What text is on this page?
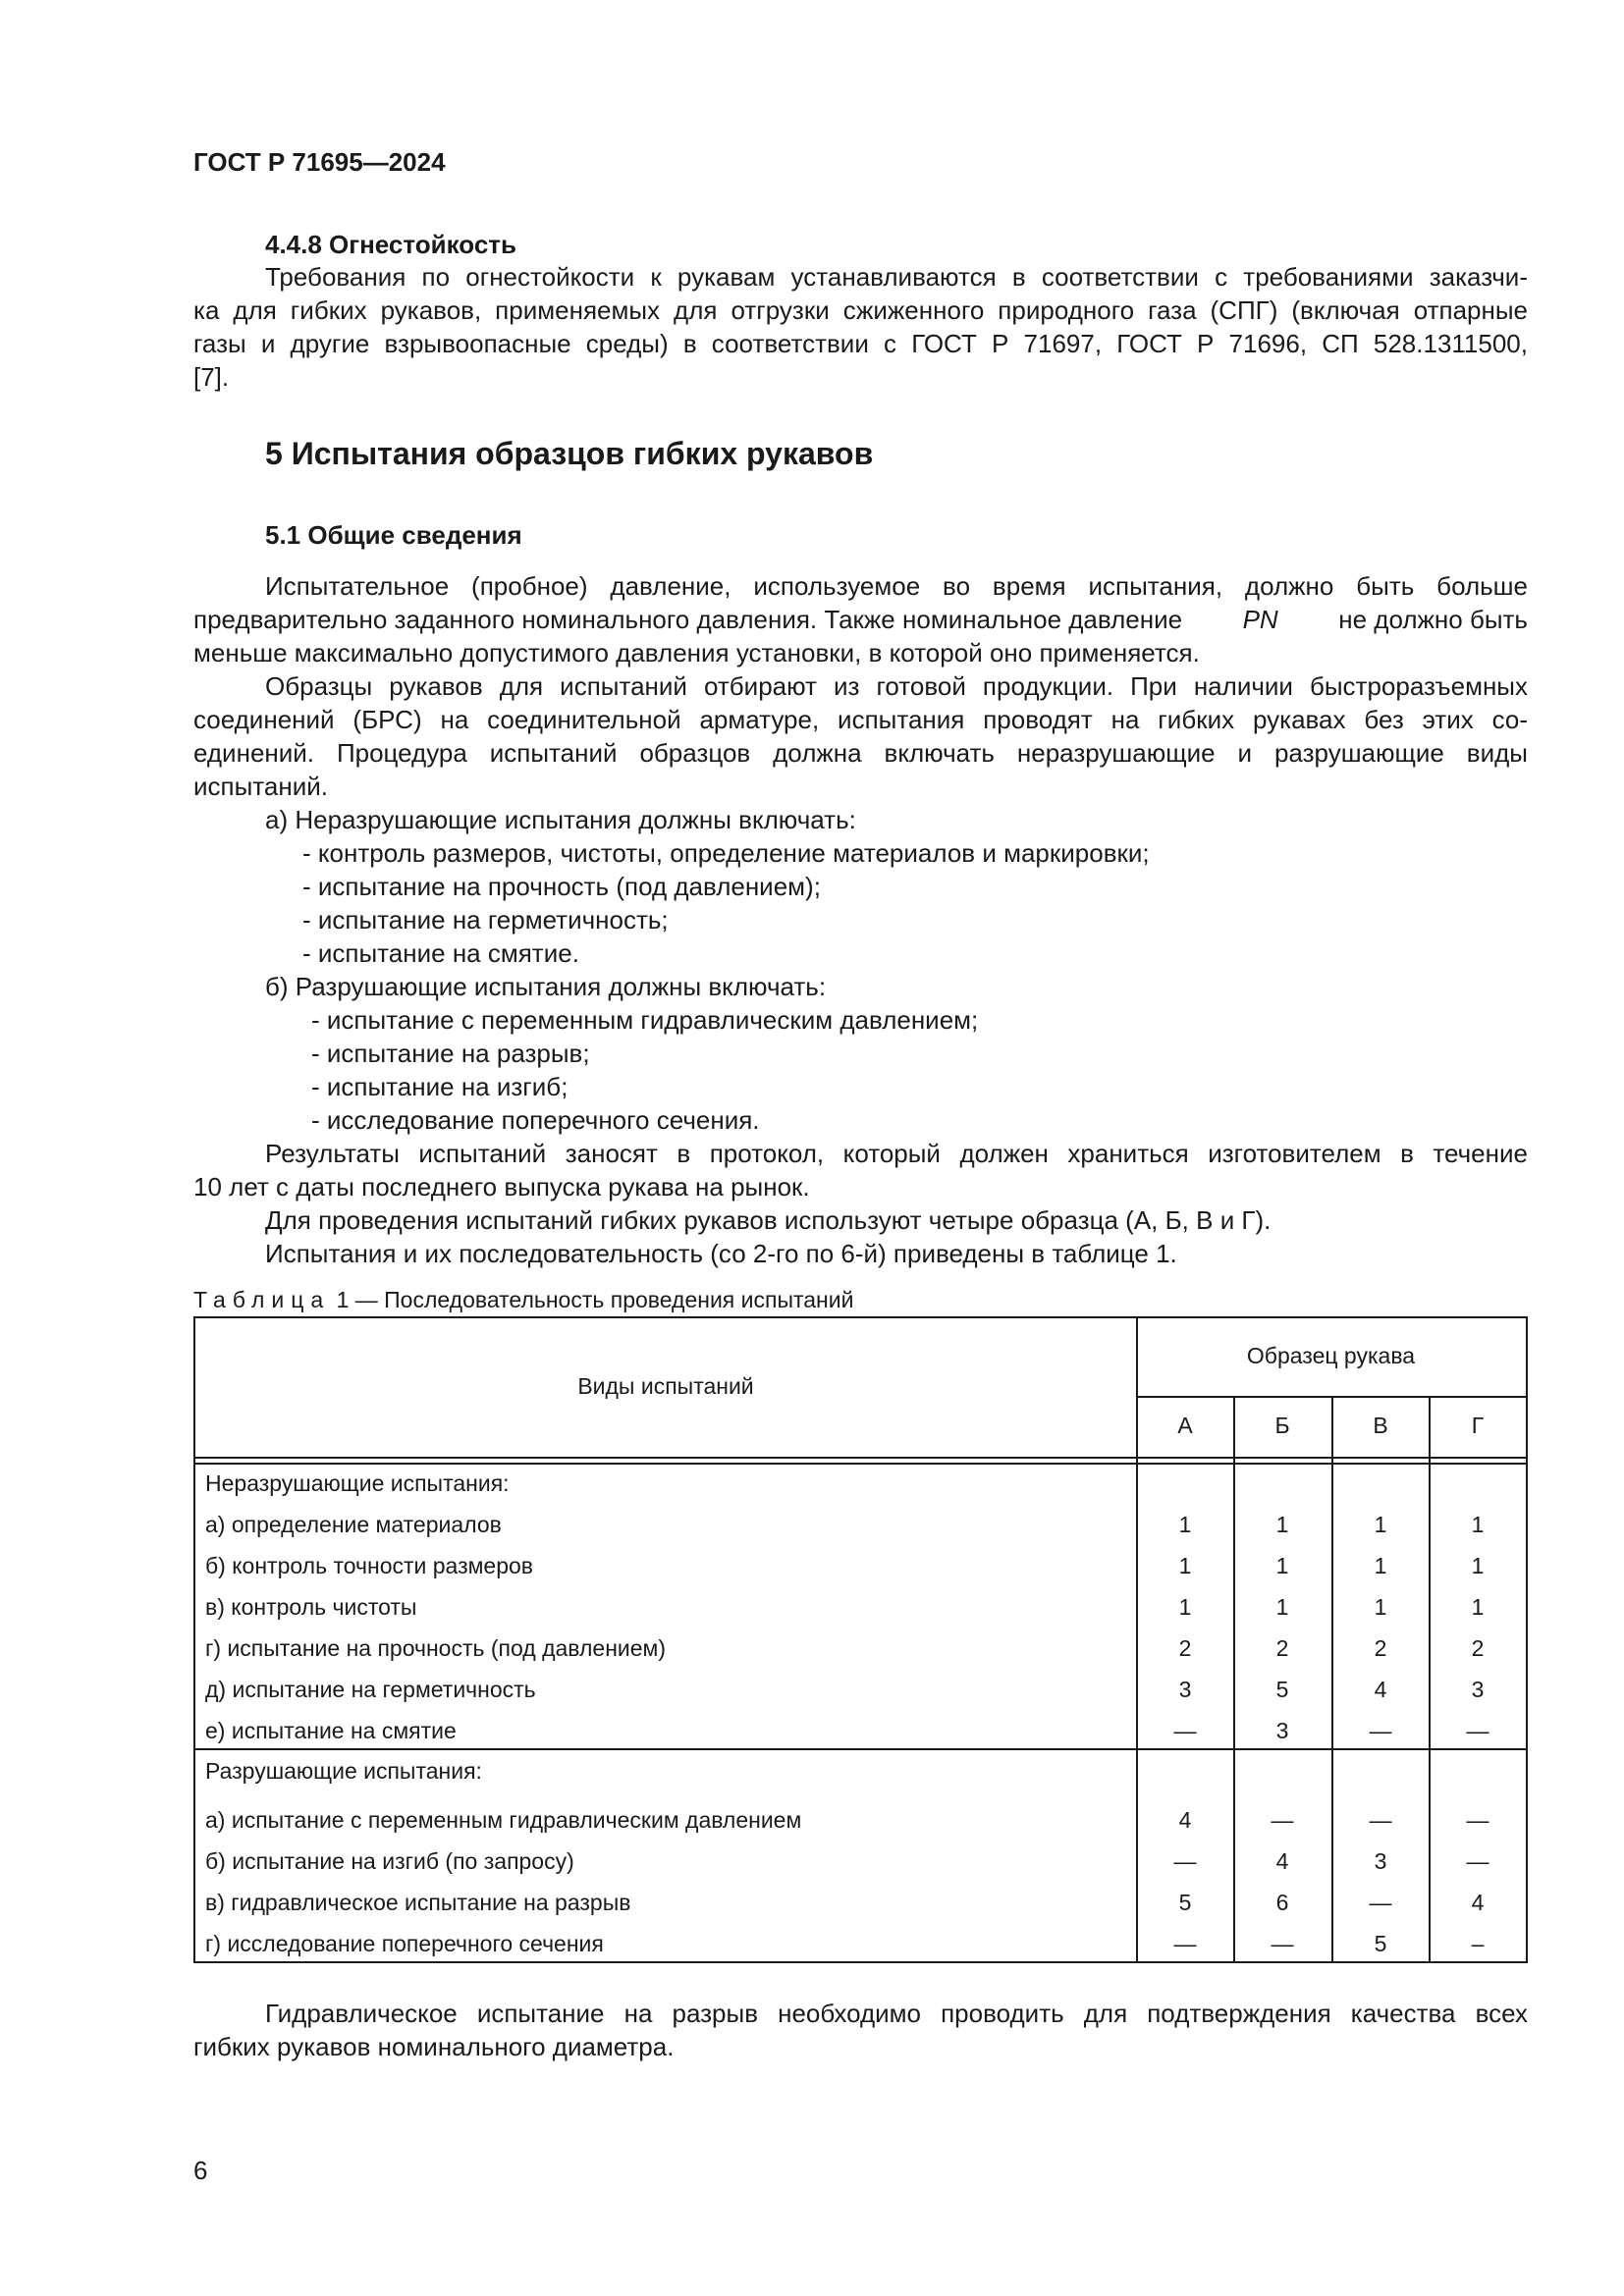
ГОСТ Р 71695—2024
4.4.8 Огнестойкость
Требования по огнестойкости к рукавам устанавливаются в соответствии с требованиями заказчи-
ка для гибких рукавов, применяемых для отгрузки сжиженного природного газа (СПГ) (включая отпарные
газы и другие взрывоопасные среды) в соответствии с ГОСТ Р 71697, ГОСТ Р 71696, СП 528.1311500,
[7].
5 Испытания образцов гибких рукавов
5.1 Общие сведения
Испытательное (пробное) давление, используемое во время испытания, должно быть больше
предварительно заданного номинального давления. Также номинальное давление PN не должно быть
меньше максимально допустимого давления установки, в которой оно применяется.
Образцы рукавов для испытаний отбирают из готовой продукции. При наличии быстроразъемных
соединений (БРС) на соединительной арматуре, испытания проводят на гибких рукавах без этих со-
единений. Процедура испытаний образцов должна включать неразрушающие и разрушающие виды
испытаний.
а) Неразрушающие испытания должны включать:
- контроль размеров, чистоты, определение материалов и маркировки;
- испытание на прочность (под давлением);
- испытание на герметичность;
- испытание на смятие.
б) Разрушающие испытания должны включать:
- испытание с переменным гидравлическим давлением;
- испытание на разрыв;
- испытание на изгиб;
- исследование поперечного сечения.
Результаты испытаний заносят в протокол, который должен храниться изготовителем в течение
10 лет с даты последнего выпуска рукава на рынок.
Для проведения испытаний гибких рукавов используют четыре образца (А, Б, В и Г).
Испытания и их последовательность (со 2-го по 6-й) приведены в таблице 1.
Таблица 1 — Последовательность проведения испытаний
Виды испытаний
Образец рукава
А	Б	В	Г
Неразрушающие испытания:
а) определение материалов	1	1	1	1
б) контроль точности размеров	1	1	1	1
в) контроль чистоты	1	1	1	1
г) испытание на прочность (под давлением)	2	2	2	2
д) испытание на герметичность	3	5	4	3
е) испытание на смятие	—	3	—	—
Разрушающие испытания:
а) испытание с переменным гидравлическим давлением	4	—	—	—
б) испытание на изгиб (по запросу)	—	4	3	—
в) гидравлическое испытание на разрыв	5	6	—	4
г) исследование поперечного сечения	—	—	5	–
Гидравлическое испытание на разрыв необходимо проводить для подтверждения качества всех
гибких рукавов номинального диаметра.
6
